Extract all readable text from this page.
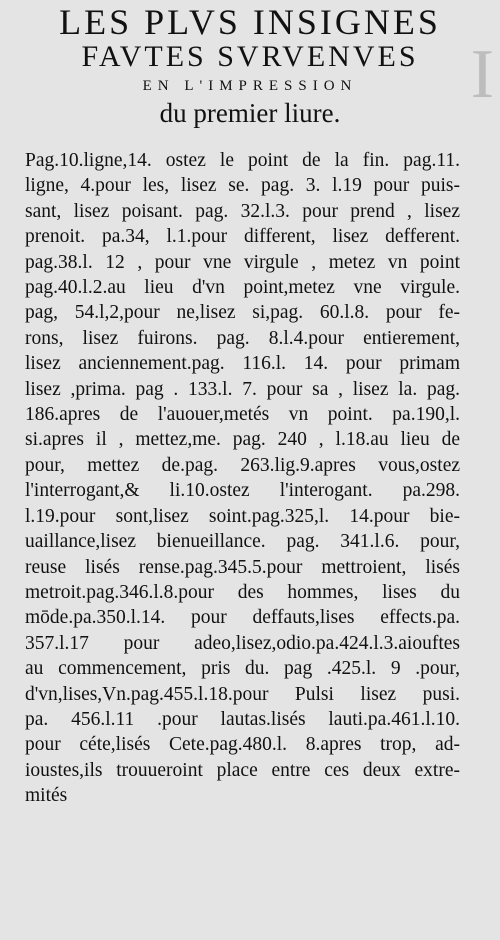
I
LES PLVS INSIGNES
FAVTES SVRVENVES
EN L'IMPRESSION
du premier liure.
Pag.10.ligne,14. ostez le point de la fin. pag.11.
ligne, 4.pour les, lisez se. pag. 3. l.19 pour puis-
sant, lisez poisant. pag. 32.l.3. pour prend , lisez
prenoit. pa.34, l.1.pour different, lisez defferent.
pag.38.l. 12 , pour vne virgule , metez vn point
pag.40.l.2.au lieu d'vn point,metez vne virgule.
pag, 54.l,2,pour ne,lisez si,pag. 60.l.8. pour fe-
rons, lisez fuirons. pag. 8.l.4.pour entierement,
lisez anciennement.pag. 116.l. 14. pour primam
lisez ,prima. pag . 133.l. 7. pour sa , lisez la. pag.
186.apres de l'auouer,metés vn point. pa.190,l.
si.apres il , mettez,me. pag. 240 , l.18.au lieu de
pour, mettez de.pag. 263.lig.9.apres vous,ostez
l'interrogant,& li.10.ostez l'interogant. pa.298.
l.19.pour sont,lisez soint.pag.325,l. 14.pour bie-
uaillance,lisez bienueillance. pag. 341.l.6. pour,
reuse lisés rense.pag.345.5.pour mettroient, lisés
metroit.pag.346.l.8.pour des hommes, lises du
mōde.pa.350.l.14. pour deffauts,lises effects.pa.
357.l.17 pour adeo,lisez,odio.pa.424.l.3.aiouftes
au commencement, pris du. pag .425.l. 9 .pour,
d'vn,lises,Vn.pag.455.l.18.pour Pulsi lisez pusi.
pa. 456.l.11 .pour lautas.lisés lauti.pa.461.l.10.
pour céte,lisés Cete.pag.480.l. 8.apres trop, ad-
ioustes,ils trouueroint place entre ces deux extre-
mités
